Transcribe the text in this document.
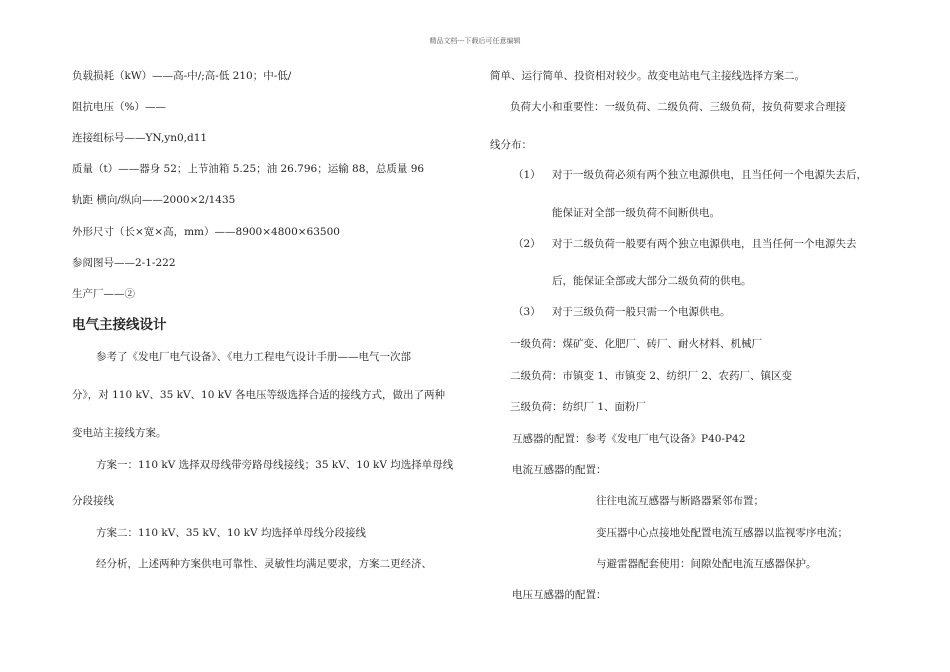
精品文档---下载后可任意编辑
负载损耗（kW）——高-中/;高-低 210；中-低/
阻抗电压（%）——
连接组标号——YN,yn0,d11
质量（t）——器身 52；上节油箱 5.25；油 26.796；运输 88，总质量 96
轨距 横向/纵向——2000×2/1435
外形尺寸（长×宽×高，mm）——8900×4800×63500
参阅图号——2-1-222
生产厂——②
电气主接线设计
参考了《发电厂电气设备》、《电力工程电气设计手册——电气一次部
分》，对 110 kV、35 kV、10 kV 各电压等级选择合适的接线方式，做出了两种
变电站主接线方案。
方案一：110 kV 选择双母线带旁路母线接线；35 kV、10 kV 均选择单母线
分段接线
方案二：110 kV、35 kV、10 kV 均选择单母线分段接线
经分析，上述两种方案供电可靠性、灵敏性均满足要求，方案二更经济、
简单、运行简单、投资相对较少。故变电站电气主接线选择方案二。
负荷大小和重要性：一级负荷、二级负荷、三级负荷，按负荷要求合理接
线分布：
（1） 对于一级负荷必须有两个独立电源供电，且当任何一个电源失去后，
能保证对全部一级负荷不间断供电。
（2） 对于二级负荷一般要有两个独立电源供电，且当任何一个电源失去
后，能保证全部或大部分二级负荷的供电。
（3） 对于三级负荷一般只需一个电源供电。
一级负荷：煤矿变、化肥厂、砖厂、耐火材料、机械厂
二级负荷：市镇变 1、市镇变 2、纺织厂 2、农药厂、镇区变
三级负荷：纺织厂 1、面粉厂
互感器的配置：参考《发电厂电气设备》P40-P42
电流互感器的配置：
往往电流互感器与断路器紧邻布置；
变压器中心点接地处配置电流互感器以监视零序电流；
与避雷器配套使用：间隙处配电流互感器保护。
电压互感器的配置：
